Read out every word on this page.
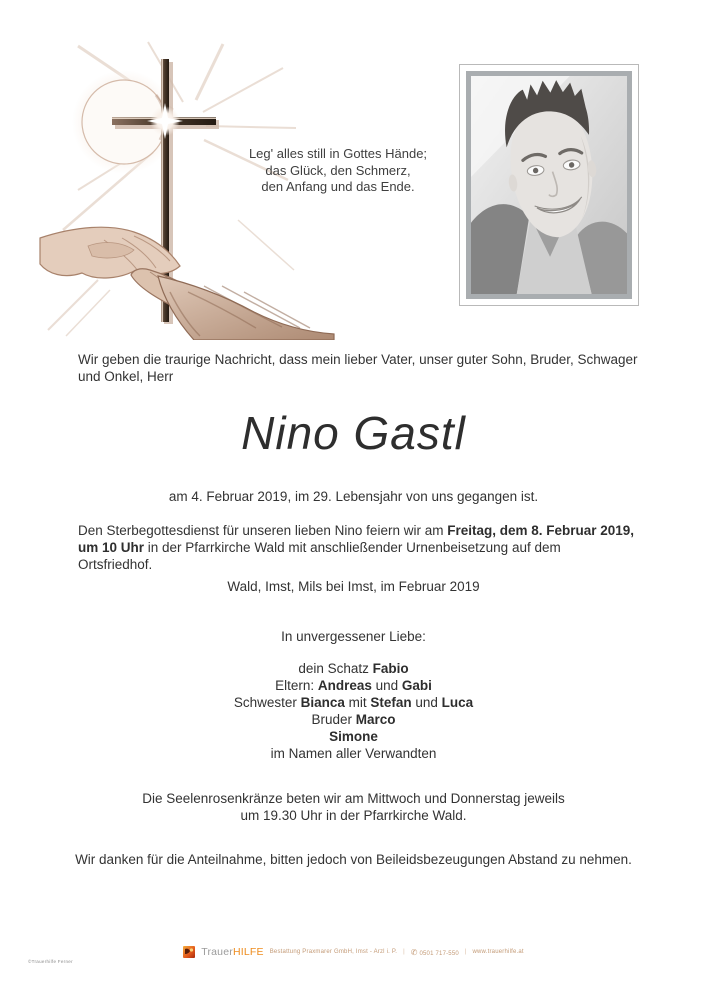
Leg' alles still in Gottes Hände;
das Glück, den Schmerz,
den Anfang und das Ende.
Wir geben die traurige Nachricht, dass mein lieber Vater, unser guter Sohn, Bruder, Schwager
und Onkel, Herr
Nino Gastl
am 4. Februar 2019, im 29. Lebensjahr von uns gegangen ist.
Den Sterbegottesdienst für unseren lieben Nino feiern wir am Freitag, dem 8. Februar 2019,
um 10 Uhr in der Pfarrkirche Wald mit anschließender Urnenbeisetzung auf dem Ortsfriedhof.
Wald, Imst, Mils bei Imst, im Februar 2019
In unvergessener Liebe:
dein Schatz Fabio
Eltern: Andreas und Gabi
Schwester Bianca mit Stefan und Luca
Bruder Marco
Simone
im Namen aller Verwandten
Die Seelenrosenkränze beten wir am Mittwoch und Donnerstag jeweils
um 19.30 Uhr in der Pfarrkirche Wald.
Wir danken für die Anteilnahme, bitten jedoch von Beileidsbezeugungen Abstand zu nehmen.
TrauerHILFE Bestattung Praxmarer GmbH, Imst - Arzl i. P. | ✆ 0501 717-550 | www.trauerhilfe.at
©Trauerhilfe Ferner
